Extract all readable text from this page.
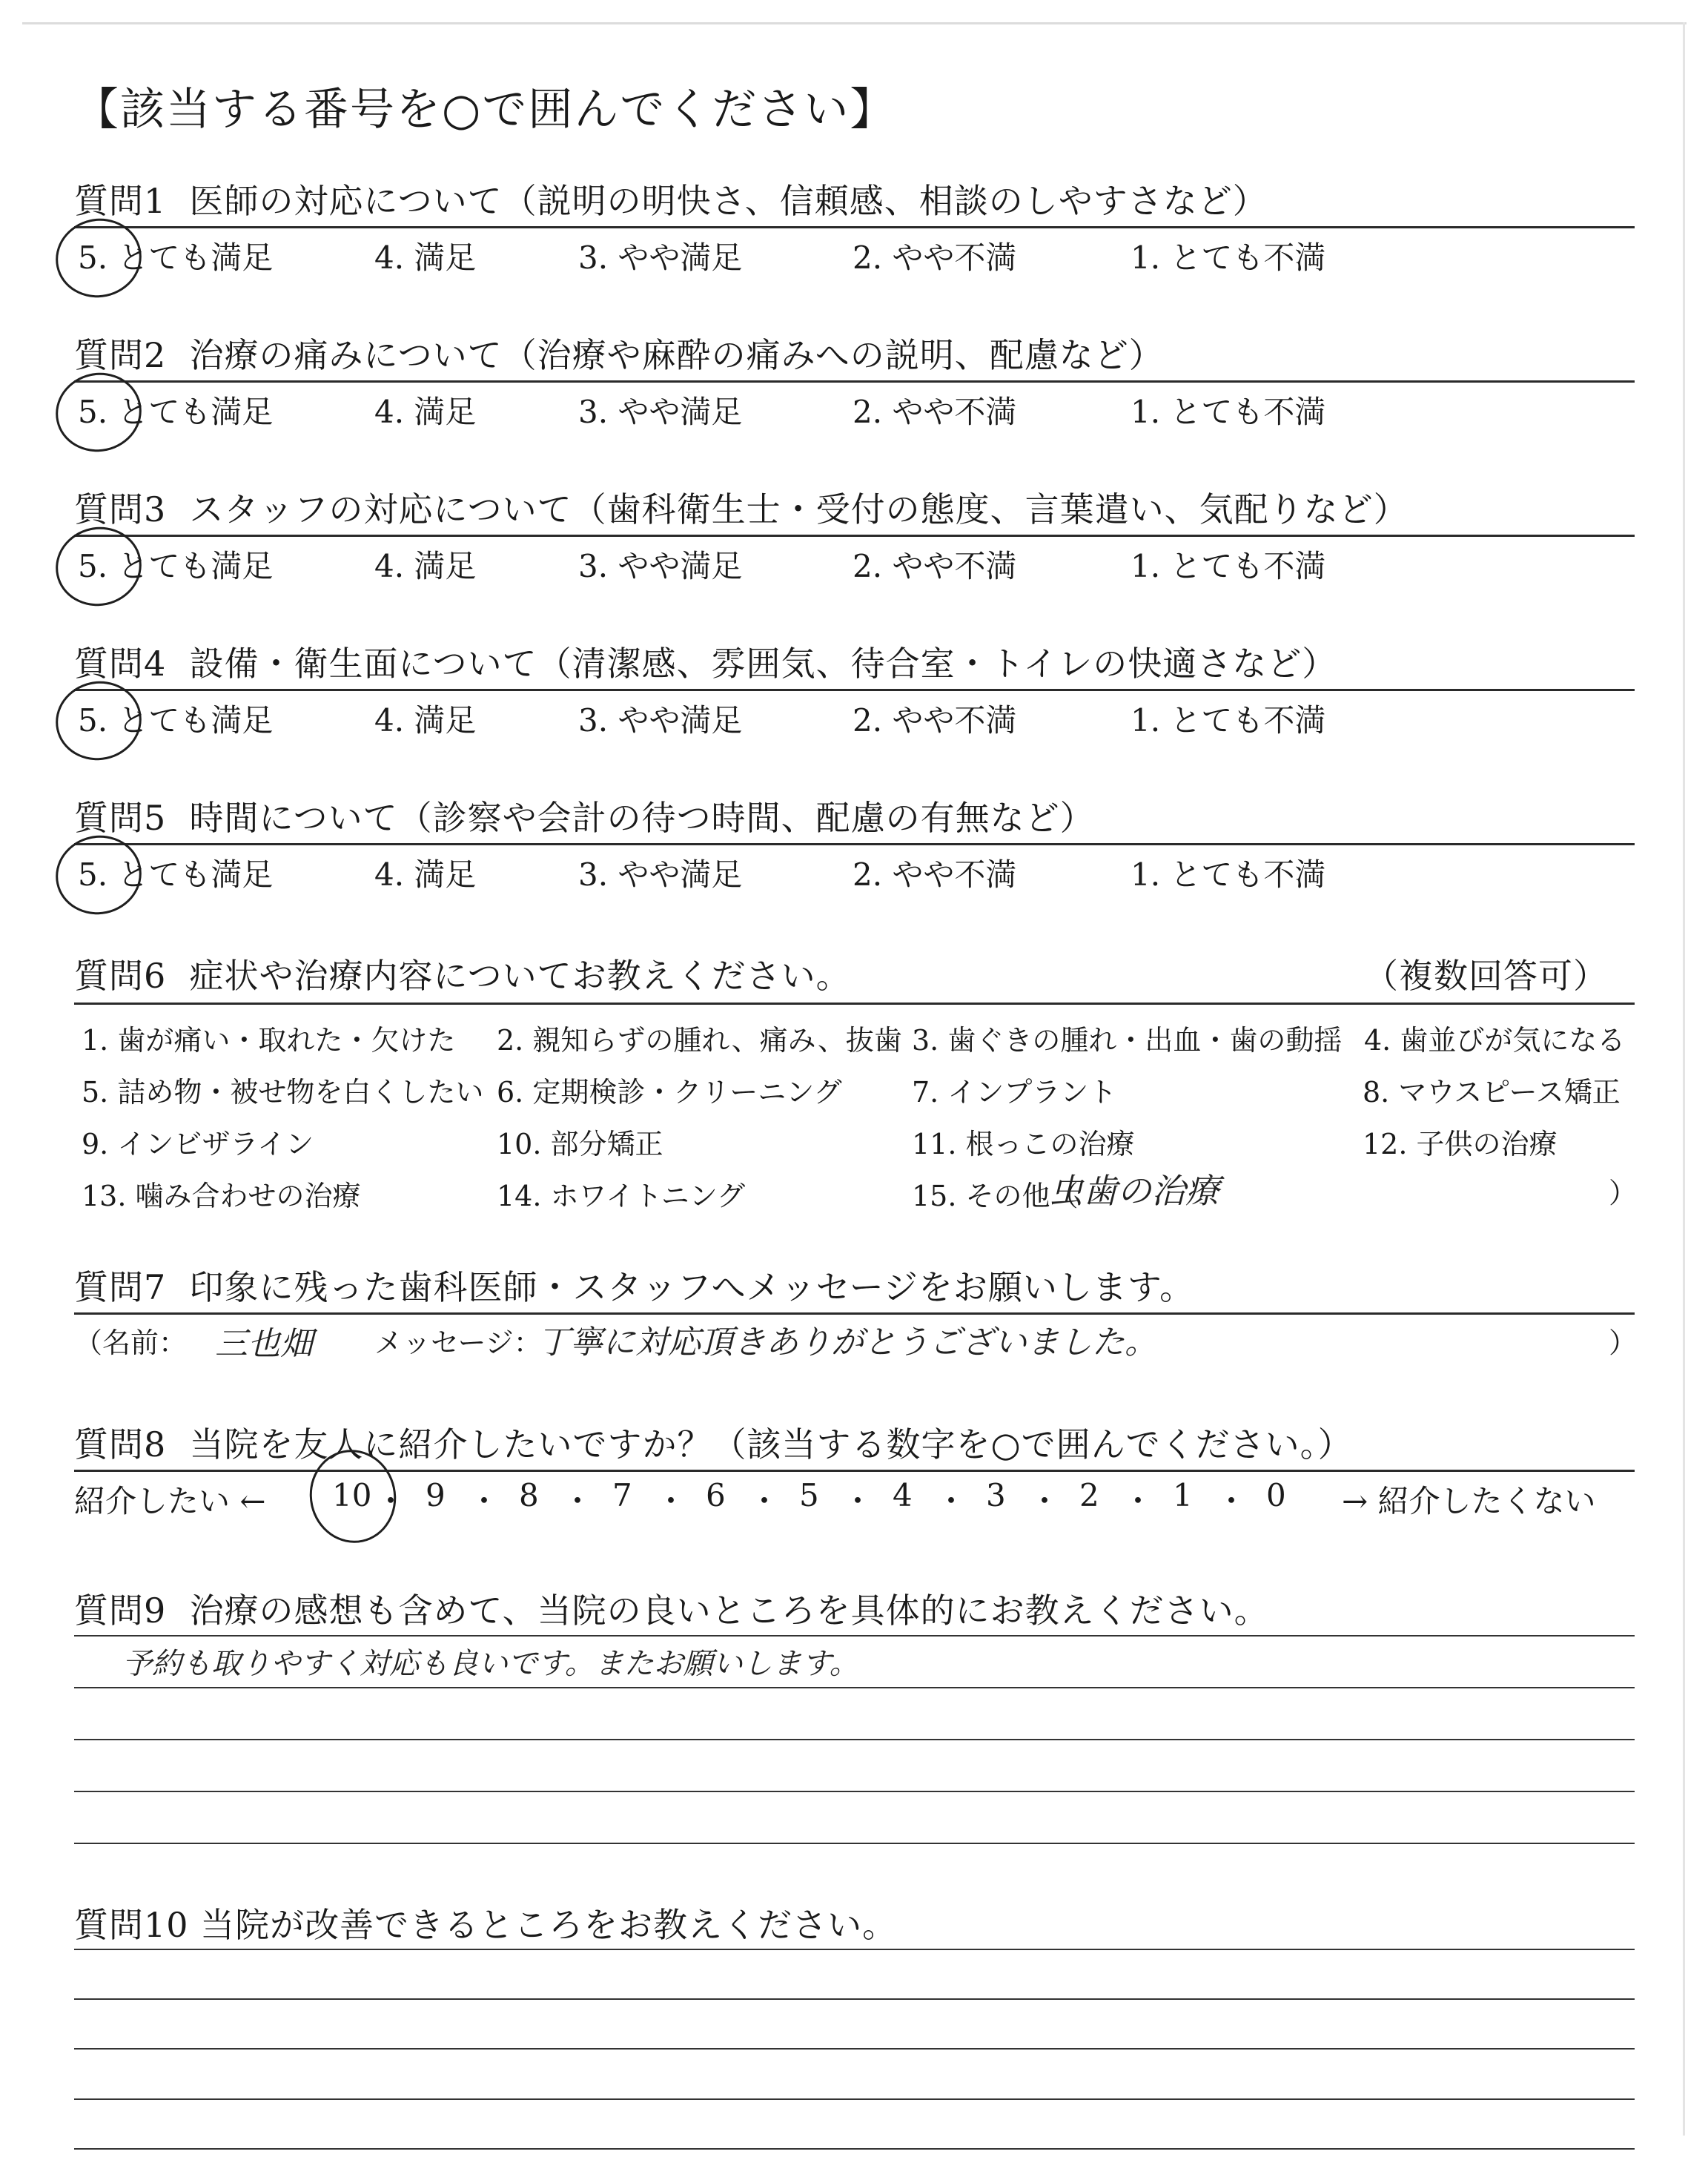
【該当する番号を○で囲んでください】
質問1 医師の対応について（説明の明快さ、信頼感、相談のしやすさなど）
5. とても満足	4. 満足	3. やや満足	2. やや不満	1. とても不満
質問2 治療の痛みについて（治療や麻酔の痛みへの説明、配慮など）
5. とても満足	4. 満足	3. やや満足	2. やや不満	1. とても不満
質問3 スタッフの対応について（歯科衛生士・受付の態度、言葉遣い、気配りなど）
5. とても満足	4. 満足	3. やや満足	2. やや不満	1. とても不満
質問4 設備・衛生面について（清潔感、雰囲気、待合室・トイレの快適さなど）
5. とても満足	4. 満足	3. やや満足	2. やや不満	1. とても不満
質問5 時間について（診察や会計の待つ時間、配慮の有無など）
5. とても満足	4. 満足	3. やや満足	2. やや不満	1. とても不満
質問6 症状や治療内容についてお教えください。	（複数回答可）
1. 歯が痛い・取れた・欠けた 2. 親知らずの腫れ、痛み、抜歯 3. 歯ぐきの腫れ・出血・歯の動揺 4. 歯並びが気になる
5. 詰め物・被せ物を白くしたい 6. 定期検診・クリーニング 7. インプラント	8. マウスピース矯正
9. インビザライン	10. 部分矯正	11. 根っこの治療	12. 子供の治療
13. 噛み合わせの治療	14. ホワイトニング	15. その他（
虫歯の治療	）
質問7 印象に残った歯科医師・スタッフへメッセージをお願いします。
（名前： 三也畑 メッセージ：
丁寧に対応頂きありがとうございました。	）
質問8 当院を友人に紹介したいですか？（該当する数字を○で囲んでください。）
紹介したい ← 10 ・ 9 ・ 8 ・ 7 ・ 6 ・ 5 ・ 4 ・ 3 ・ 2 ・ 1 ・ 0 → 紹介したくない
質問9 治療の感想も含めて、当院の良いところを具体的にお教えください。
予約も取りやすく対応も良いです。またお願いします。
質問10 当院が改善できるところをお教えください。
